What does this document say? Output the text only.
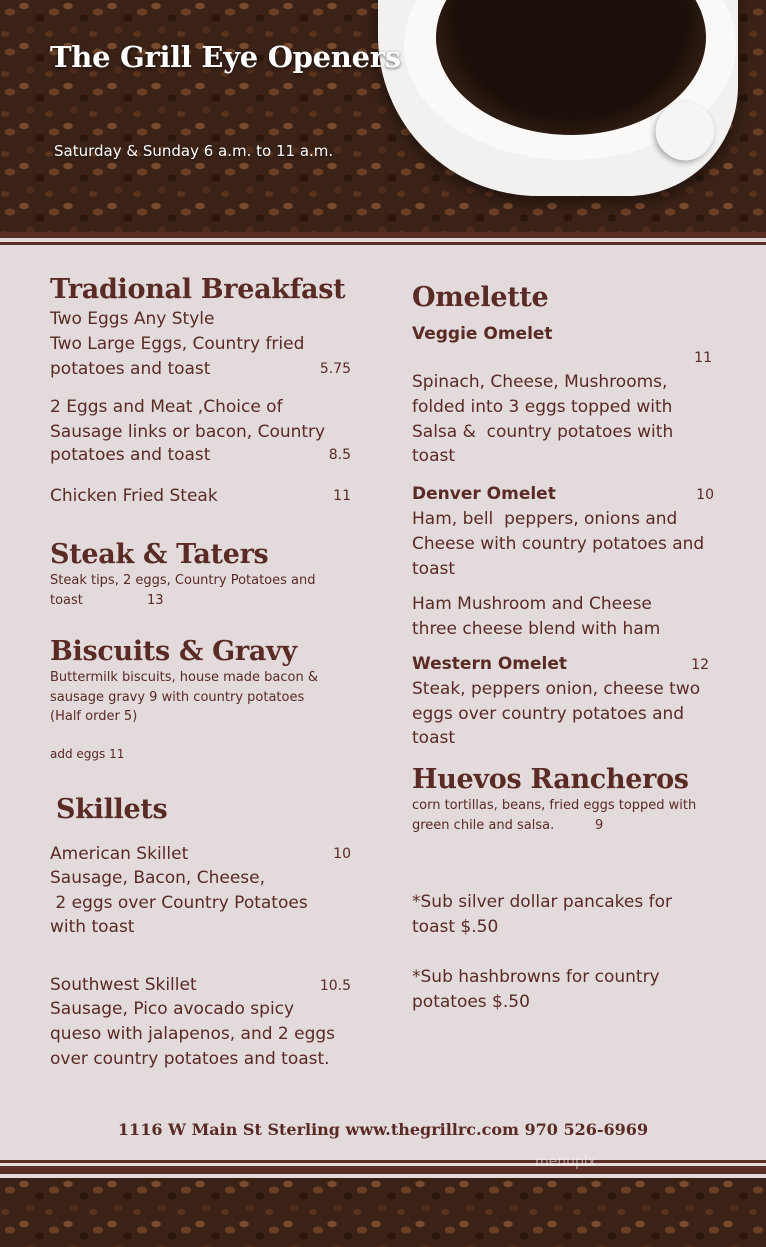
The Grill Eye Openers
Saturday & Sunday 6 a.m. to 11 a.m.
Tradional Breakfast
Two Eggs Any Style
Two Large Eggs, Country fried
potatoes and toast	5.75
2 Eggs and Meat ,Choice of
Sausage links or bacon, Country
potatoes and toast	8.5
Chicken Fried Steak	11
Steak & Taters
Steak tips, 2 eggs, Country Potatoes and
toast	13
Biscuits & Gravy
Buttermilk biscuits, house made bacon &
sausage gravy 9 with country potatoes
(Half order 5)
add eggs 11
Skillets
American Skillet	10
Sausage, Bacon, Cheese,
2 eggs over Country Potatoes
with toast
Southwest Skillet	10.5
Sausage, Pico avocado spicy
queso with jalapenos, and 2 eggs
over country potatoes and toast.
Omelette
Veggie Omelet
11
Spinach, Cheese, Mushrooms,
folded into 3 eggs topped with
Salsa &  country potatoes with
toast
Denver Omelet	10
Ham, bell  peppers, onions and
Cheese with country potatoes and
toast
Ham Mushroom and Cheese
three cheese blend with ham
Western Omelet	12
Steak, peppers onion, cheese two
eggs over country potatoes and
toast
Huevos Rancheros
corn tortillas, beans, fried eggs topped with
green chile and salsa.	9
*Sub silver dollar pancakes for
toast $.50
*Sub hashbrowns for country
potatoes $.50
1116 W Main St Sterling www.thegrillrc.com 970 526-6969
menupix
